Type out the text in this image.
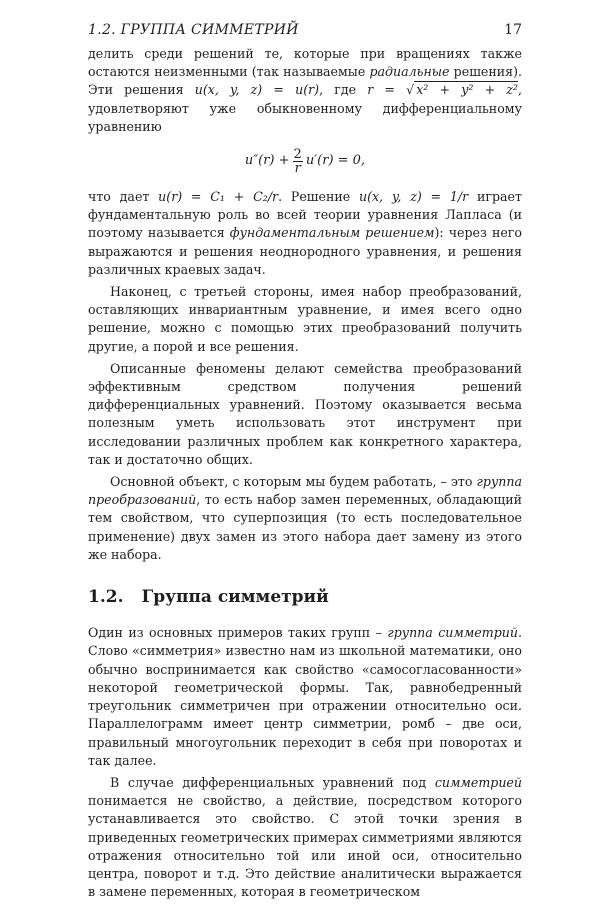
1.2. ГРУППА СИММЕТРИЙ	17

делить среди решений те, которые при вращениях также остаются неизменными (так называемые радиальные решения). Эти решения u(x, y, z) = u(r), где r = √ x² + y² + z², удовлетворяют уже обыкновенному дифференциальному уравнению

$u''(r) + \frac{2}{r} u'(r) = 0$,

что дает u(r) = C₁ + C₂/r. Решение u(x, y, z) = 1/r играет фундаментальную роль во всей теории уравнения Лапласа (и поэтому называется фундаментальным решением): через него выражаются и решения неоднородного уравнения, и решения различных краевых задач.

Наконец, с третьей стороны, имея набор преобразований, оставляющих инвариантным уравнение, и имея всего одно решение, можно с помощью этих преобразований получить другие, а порой и все решения.

Описанные феномены делают семейства преобразований эффективным средством получения решений дифференциальных уравнений. Поэтому оказывается весьма полезным уметь использовать этот инструмент при исследовании различных проблем как конкретного характера, так и достаточно общих.

Основной объект, с которым мы будем работать, – это группа преобразований, то есть набор замен переменных, обладающий тем свойством, что суперпозиция (то есть последовательное применение) двух замен из этого набора дает замену из этого же набора.

1.2. Группа симметрий

Один из основных примеров таких групп – группа симметрий. Слово «симметрия» известно нам из школьной математики, оно обычно воспринимается как свойство «самосогласованности» некоторой геометрической формы. Так, равнобедренный треугольник симметричен при отражении относительно оси. Параллелограмм имеет центр симметрии, ромб – две оси, правильный многоугольник переходит в себя при поворотах и так далее.

В случае дифференциальных уравнений под симметрией понимается не свойство, а действие, посредством которого устанавливается это свойство. С этой точки зрения в приведенных геометрических примерах симметриями являются отражения относительно той или иной оси, относительно центра, поворот и т.д. Это действие аналитически выражается в замене переменных, которая в геометрическом
